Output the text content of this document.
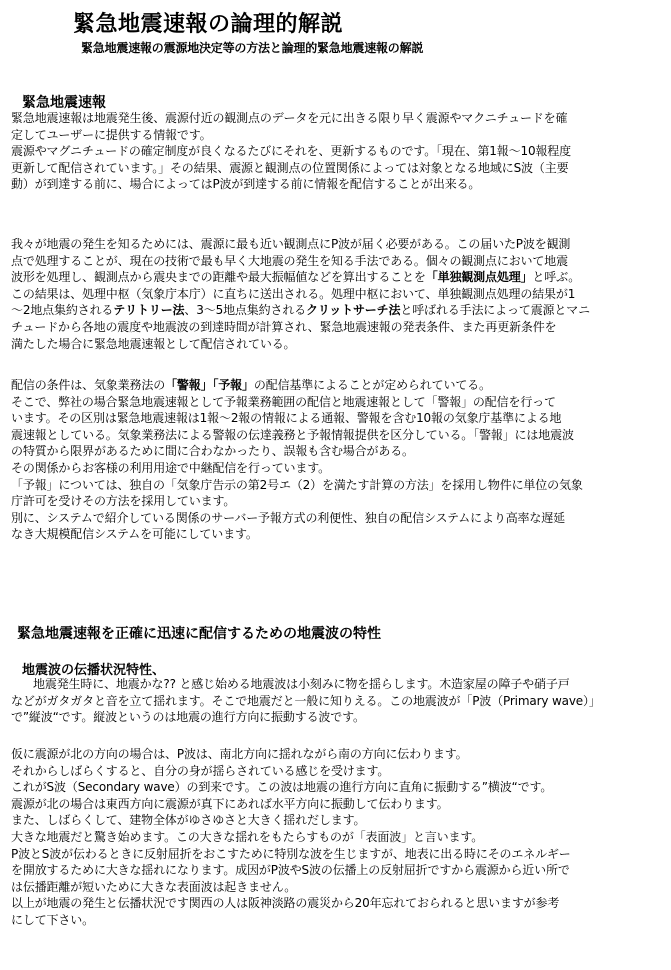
緊急地震速報の論理的解説
緊急地震速報の震源地決定等の方法と論理的緊急地震速報の解説
緊急地震速報

緊急地震速報は地震発生後、震源付近の観測点のデータを元に出きる限り早く震源やマクニチュードを確

定してユーザーに提供する情報です。

震源やマグニチュードの確定制度が良くなるたびにそれを、更新するものです。「現在、第1報～10報程度

更新して配信されています。」その結果、震源と観測点の位置関係によっては対象となる地域にS波（主要

動）が到達する前に、場合によってはP波が到達する前に情報を配信することが出来る。

我々が地震の発生を知るためには、震源に最も近い観測点にP波が届く必要がある。この届いたP波を観測

点で処理することが、現在の技術で最も早く大地震の発生を知る手法である。個々の観測点において地震

波形を処理し、観測点から震央までの距離や最大振幅値などを算出することを「単独観測点処理」と呼ぶ。

この結果は、処理中枢（気象庁本庁）に直ちに送出される。処理中枢において、単独観測点処理の結果が1

～2地点集約されるテリトリー法、3～5地点集約されるクリットサーチ法と呼ばれる手法によって震源とマニ

チュードから各地の震度や地震波の到達時間が計算され、緊急地震速報の発表条件、また再更新条件を

満たした場合に緊急地震速報として配信されている。

配信の条件は、気象業務法の「警報」「予報」の配信基準によることが定められていてる。

そこで、弊社の場合緊急地震速報として予報業務範囲の配信と地震速報として「警報」の配信を行って

います。その区別は緊急地震速報は1報～2報の情報による通報、警報を含む10報の気象庁基準による地

震速報としている。気象業務法による警報の伝達義務と予報情報提供を区分している。「警報」には地震波

の特質から限界があるために間に合わなかったり、誤報も含む場合がある。

その関係からお客様の利用用途で中継配信を行っています。

「予報」については、独自の「気象庁告示の第2号エ（2）を満たす計算の方法」を採用し物件に単位の気象

庁許可を受けその方法を採用しています。

別に、システムで紹介している関係のサーバー予報方式の利便性、独自の配信システムにより高率な遅延

なき大規模配信システムを可能にしています。

緊急地震速報を正確に迅速に配信するための地震波の特性
地震波の伝播状況特性、

地震発生時に、地震かな?? と感じ始める地震波は小刻みに物を揺らします。木造家屋の障子や硝子戸

などがガタガタと音を立て揺れます。そこで地震だと一般に知りえる。この地震波が「P波（Primary wave）」

で”縦波“です。縦波というのは地震の進行方向に振動する波です。

仮に震源が北の方向の場合は、P波は、南北方向に揺れながら南の方向に伝わります。

それからしばらくすると、自分の身が揺らされている感じを受けます。

これがS波（Secondary wave）の到来です。この波は地震の進行方向に直角に振動する”横波“です。

震源が北の場合は東西方向に震源が真下にあれば水平方向に振動して伝わります。

また、しばらくして、建物全体がゆさゆさと大きく揺れだします。

大きな地震だと驚き始めます。この大きな揺れをもたらすものが「表面波」と言います。

P波とS波が伝わるときに反射屈折をおこすために特別な波を生じますが、地表に出る時にそのエネルギー

を開放するために大きな揺れになります。成因がP波やS波の伝播上の反射屈折ですから震源から近い所で

は伝播距離が短いために大きな表面波は起きません。

以上が地震の発生と伝播状況です関西の人は阪神淡路の震災から20年忘れておられると思いますが参考

にして下さい。
